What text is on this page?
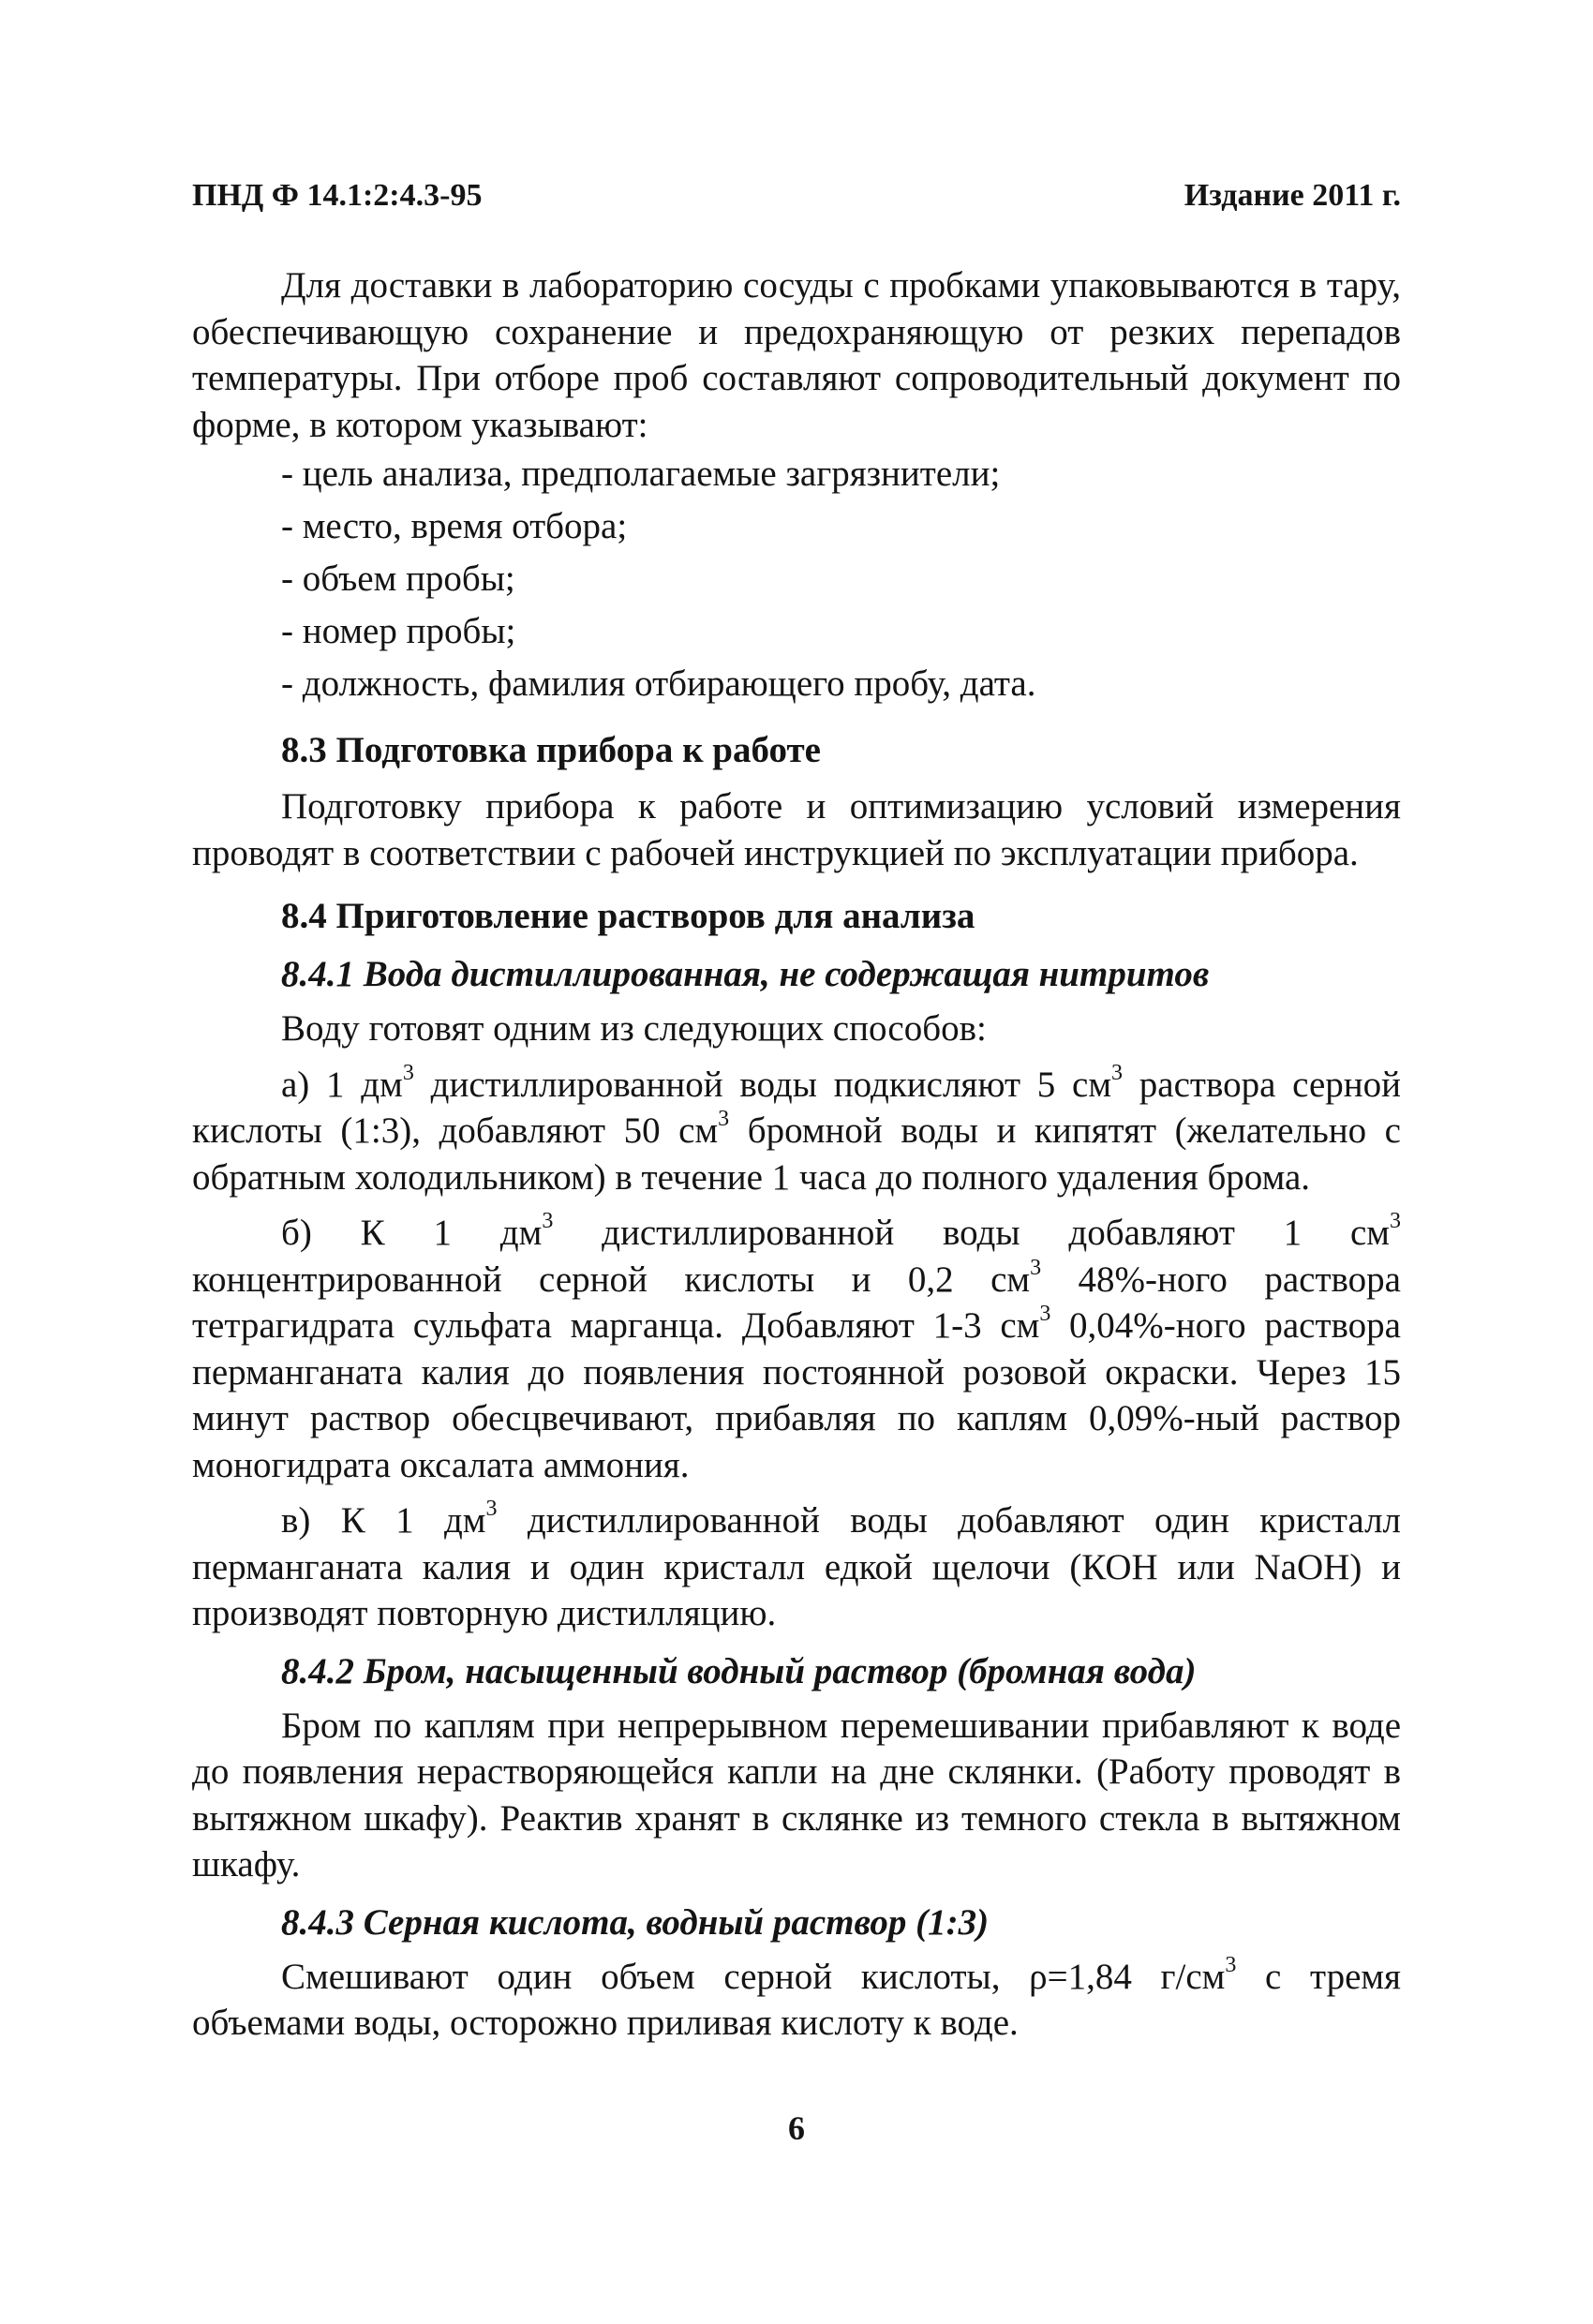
ПНД Ф 14.1:2:4.3-95	Издание 2011 г.

Для доставки в лабораторию сосуды с пробками упаковываются в тару, обеспечивающую сохранение и предохраняющую от резких перепадов температуры. При отборе проб составляют сопроводительный документ по форме, в котором указывают:

- цель анализа, предполагаемые загрязнители;
- место, время отбора;
- объем пробы;
- номер пробы;
- должность, фамилия отбирающего пробу, дата.
8.3 Подготовка прибора к работе

Подготовку прибора к работе и оптимизацию условий измерения проводят в соответствии с рабочей инструкцией по эксплуатации прибора.

8.4 Приготовление растворов для анализа
8.4.1 Вода дистиллированная, не содержащая нитритов

Воду готовят одним из следующих способов:

а) 1 $дм^3$ дистиллированной воды подкисляют 5 $см^3$ раствора серной кислоты (1:3), добавляют 50 $см^3$ бромной воды и кипятят (желательно с обратным холодильником) в течение 1 часа до полного удаления брома.

б) К 1 $дм^3$ дистиллированной воды добавляют 1 $см^3$ концентрированной серной кислоты и 0,2 $см^3$ 48%-ного раствора тетрагидрата сульфата марганца. Добавляют 1-3 $см^3$ 0,04%-ного раствора перманганата калия до появления постоянной розовой окраски. Через 15 минут раствор обесцвечивают, прибавляя по каплям 0,09%-ный раствор моногидрата оксалата аммония.

в) К 1 $дм^3$ дистиллированной воды добавляют один кристалл перманганата калия и один кристалл едкой щелочи (КОН или NaOH) и производят повторную дистилляцию.

8.4.2 Бром, насыщенный водный раствор (бромная вода)

Бром по каплям при непрерывном перемешивании прибавляют к воде до появления нерастворяющейся капли на дне склянки. (Работу проводят в вытяжном шкафу). Реактив хранят в склянке из темного стекла в вытяжном шкафу.

8.4.3 Серная кислота, водный раствор (1:3)

Смешивают один объем серной кислоты, ρ=1,84 $г/см^3$ с тремя объемами воды, осторожно приливая кислоту к воде.

6
